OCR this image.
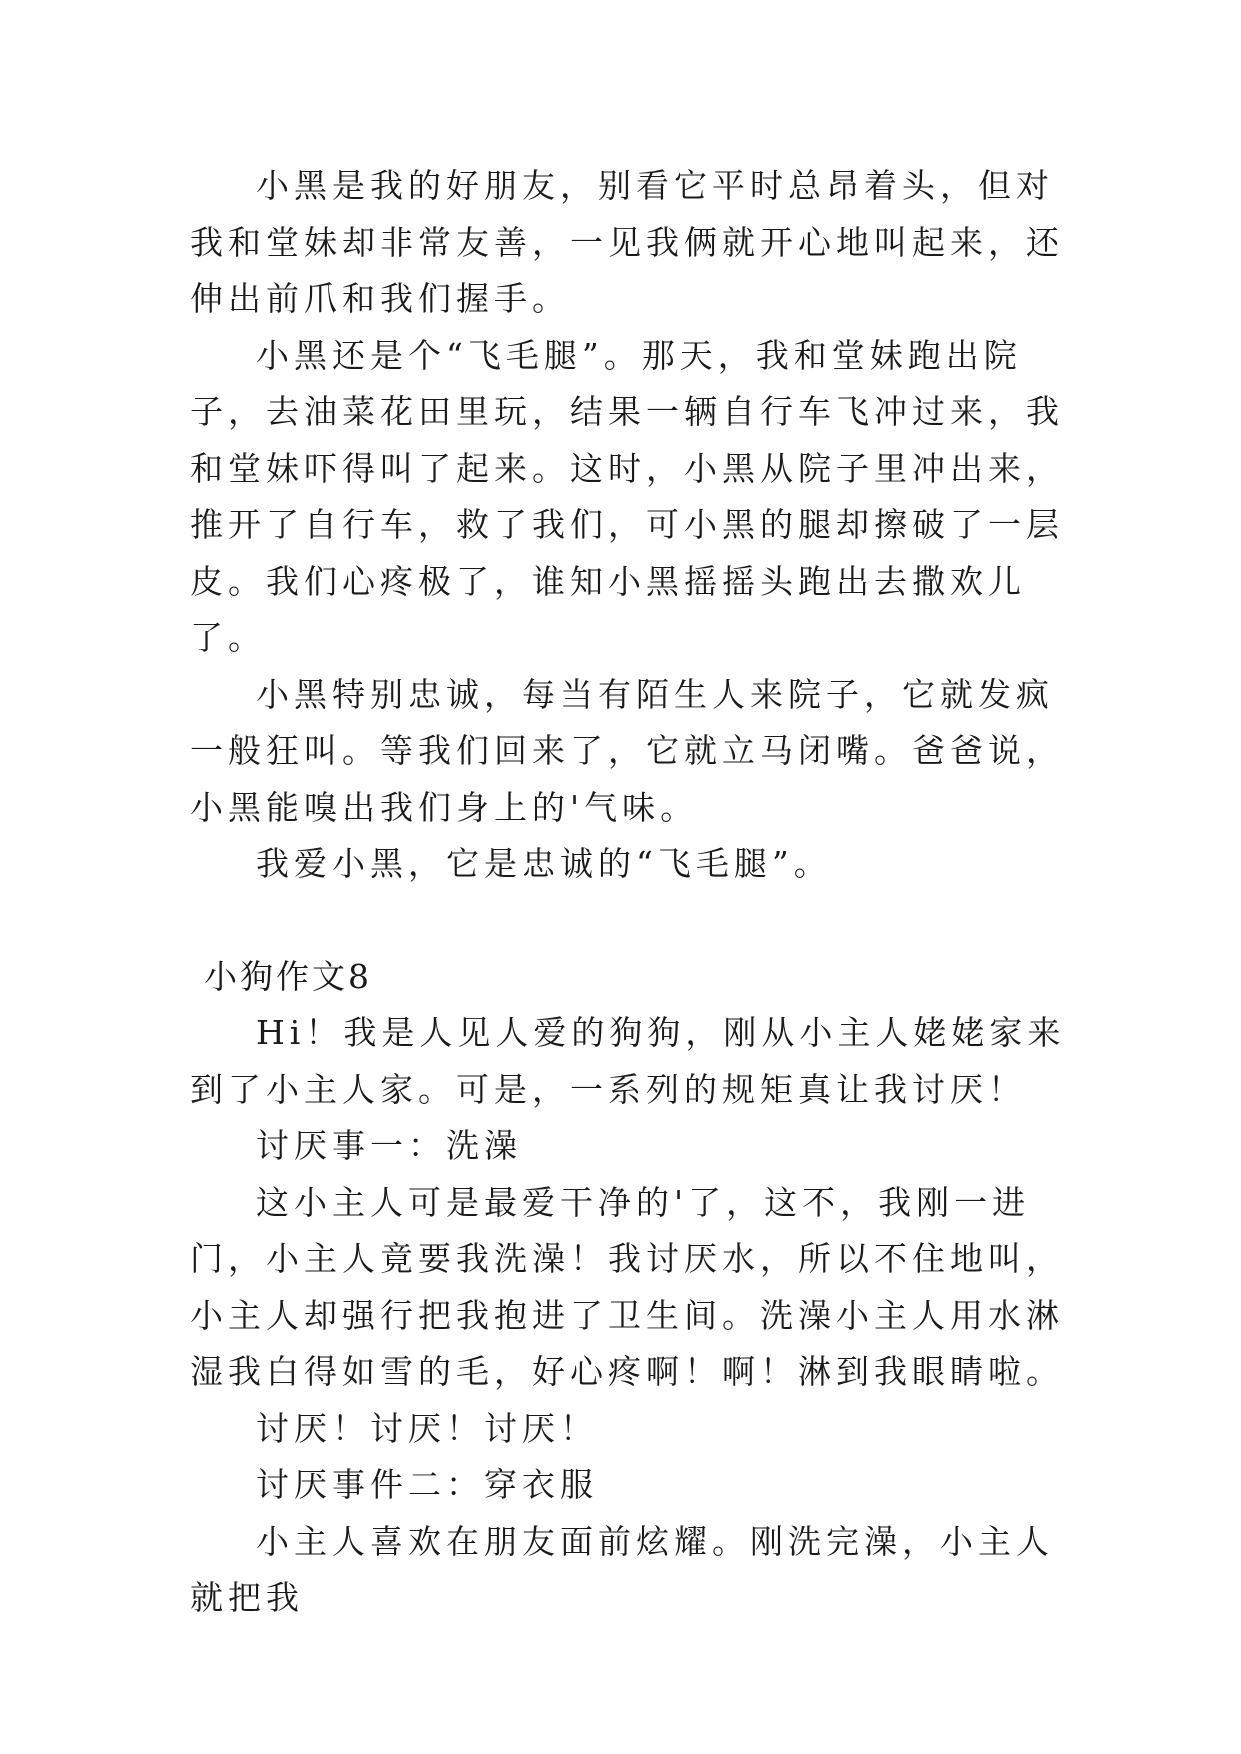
小黑是我的好朋友，别看它平时总昂着头，但对我和堂妹却非常友善，一见我俩就开心地叫起来，还伸出前爪和我们握手。

小黑还是个“飞毛腿”。那天，我和堂妹跑出院子，去油菜花田里玩，结果一辆自行车飞冲过来，我和堂妹吓得叫了起来。这时，小黑从院子里冲出来，推开了自行车，救了我们，可小黑的腿却擦破了一层皮。我们心疼极了，谁知小黑摇摇头跑出去撒欢儿了。

小黑特别忠诚，每当有陌生人来院子，它就发疯一般狂叫。等我们回来了，它就立马闭嘴。爸爸说，小黑能嗅出我们身上的'气味。

我爱小黑，它是忠诚的“飞毛腿”。

小狗作文8

Hi！我是人见人爱的狗狗，刚从小主人姥姥家来到了小主人家。可是，一系列的规矩真让我讨厌！

讨厌事一：洗澡

这小主人可是最爱干净的'了，这不，我刚一进门，小主人竟要我洗澡！我讨厌水，所以不住地叫，小主人却强行把我抱进了卫生间。洗澡小主人用水淋湿我白得如雪的毛，好心疼啊！啊！淋到我眼睛啦。

讨厌！讨厌！讨厌！

讨厌事件二：穿衣服

小主人喜欢在朋友面前炫耀。刚洗完澡，小主人就把我
